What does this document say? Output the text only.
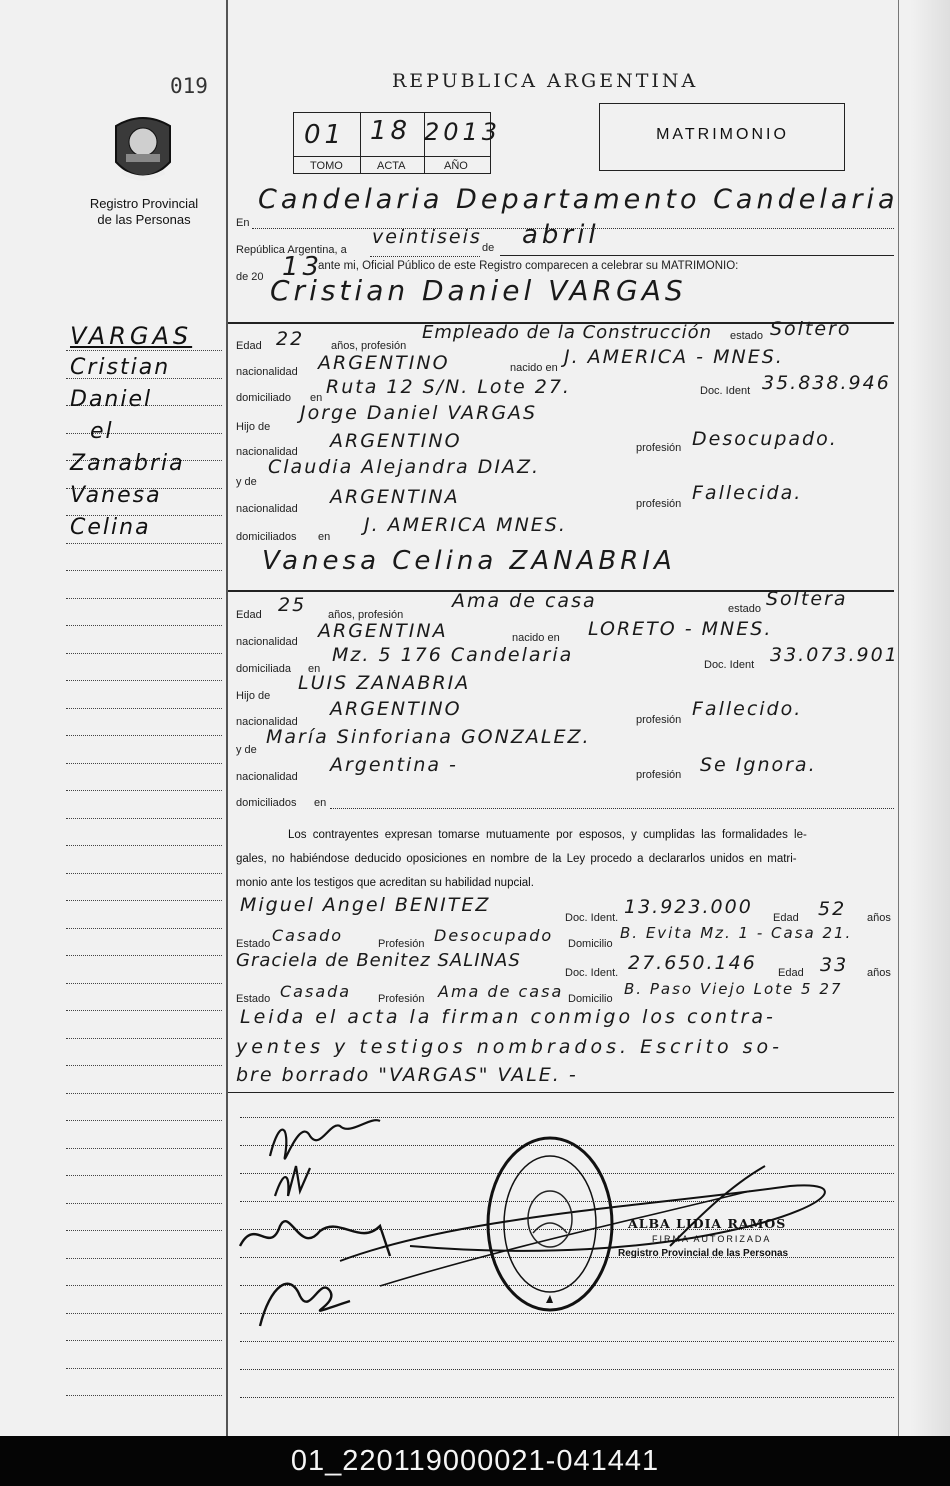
019
Registro Provincial
de las Personas
REPUBLICA ARGENTINA
01 18 2013
TOMO	ACTA	AÑO
MATRIMONIO
En
Candelaria Departamento Candelaria
República Argentina, a
veintiseis de abril
de 20 13
ante mi, Oficial Público de este Registro comparecen a celebrar su MATRIMONIO:
Cristian Daniel VARGAS
Edad 22 años, profesión
Empleado de la Construcción estado Soltero
nacionalidad ARGENTINO	nacido en J. AMERICA - MNES.
domiciliado en Ruta 12 S/N. Lote 27.	Doc. Ident 35.838.946
Hijo de
Jorge Daniel VARGAS
nacionalidad ARGENTINO	profesión Desocupado.
y de
Claudia Alejandra DIAZ.
nacionalidad
ARGENTINA	profesión Fallecida.
domiciliados en
J. AMERICA MNES.
Vanesa Celina ZANABRIA
Edad 25 años, profesión
Ama de casa	estado Soltera
nacionalidad ARGENTINA	nacido en LORETO - MNES.
domiciliada en
Mz. 5 176 Candelaria	Doc. Ident 33.073.901
Hijo de
LUIS ZANABRIA
nacionalidad
ARGENTINO	profesión Fallecido.
y de
María Sinforiana GONZALEZ.
nacionalidad
Argentina -	profesión Se Ignora.
domiciliados en
Los contrayentes expresan tomarse mutuamente por esposos, y cumplidas las formalidades le-
gales, no habiéndose deducido oposiciones en nombre de la Ley procedo a declararlos unidos en matri-
monio ante los testigos que acreditan su habilidad nupcial.
Miguel Angel BENITEZ
Doc. Ident. 13.923.000 Edad 52 años
Estado Casado	Profesión Desocupado Domicilio
B. Evita Mz. 1 - Casa 21.
Graciela de Benitez SALINAS
Doc. Ident. 27.650.146 Edad 33 años
Estado Casada Profesión Ama de casa Domicilio
B. Paso Viejo Lote 5 27
Leida el acta la firman conmigo los contra-
yentes y testigos nombrados. Escrito so-
bre borrado "VARGAS" VALE. -
ALBA LIDIA RAMOS
FIRMA AUTORIZADA
Registro Provincial de las Personas
VARGAS
Cristian
Daniel
el
Zanabria
Vanesa
Celina
01_220119000021-041441
